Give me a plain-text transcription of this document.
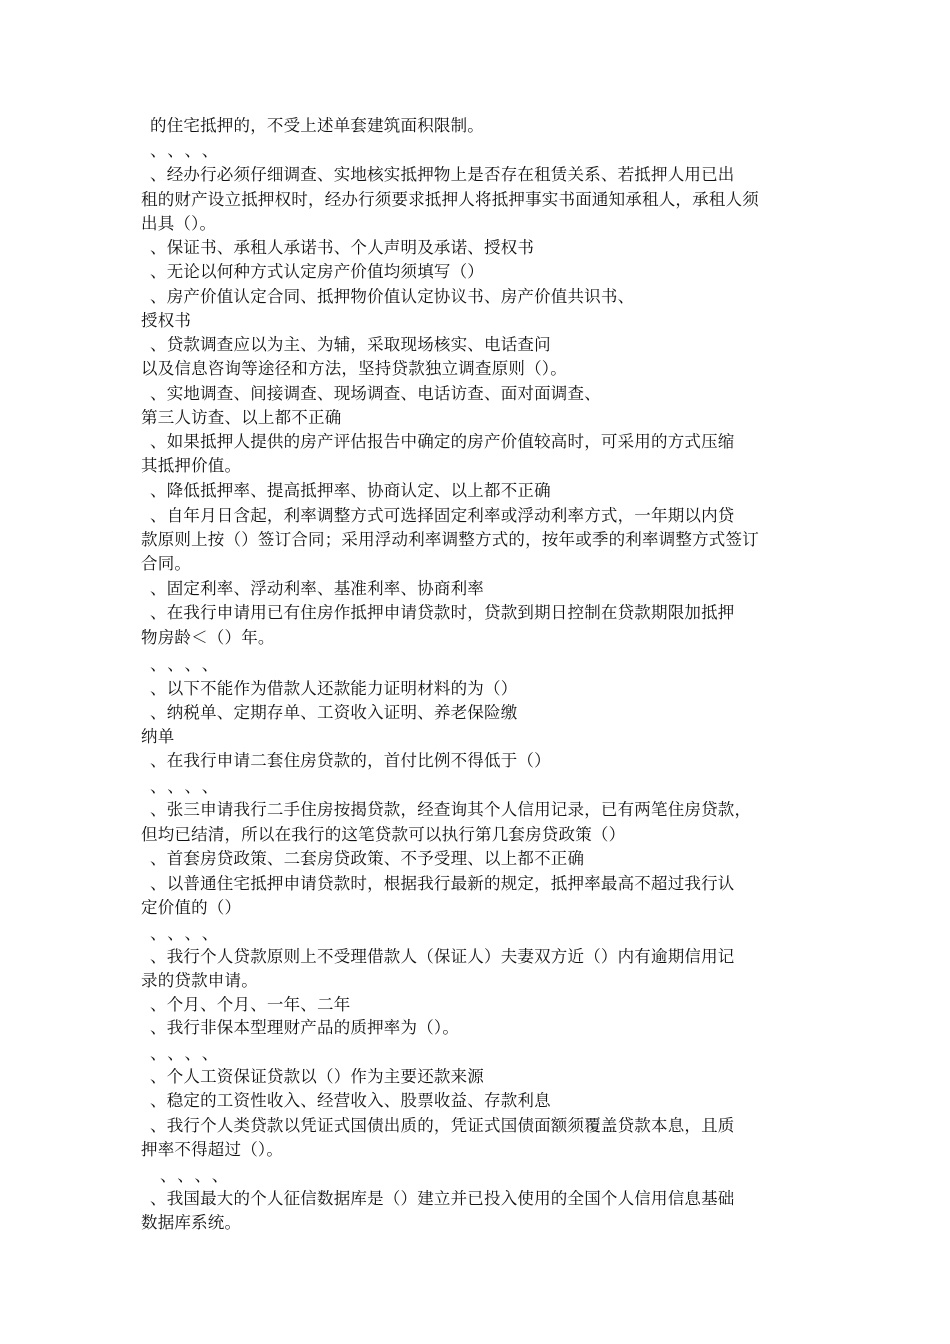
的住宅抵押的，不受上述单套建筑面积限制。
、、、、
、经办行必须仔细调查、实地核实抵押物上是否存在租赁关系、若抵押人用已出
租的财产设立抵押权时，经办行须要求抵押人将抵押事实书面通知承租人，承租人须
出具（）。
、保证书、承租人承诺书、个人声明及承诺、授权书
、无论以何种方式认定房产价值均须填写（）
、房产价值认定合同、抵押物价值认定协议书、房产价值共识书、
授权书
、贷款调查应以为主、为辅，采取现场核实、电话查问
以及信息咨询等途径和方法，坚持贷款独立调查原则（）。
、实地调查、间接调查、现场调查、电话访查、面对面调查、
第三人访查、以上都不正确
、如果抵押人提供的房产评估报告中确定的房产价值较高时，可采用的方式压缩
其抵押价值。
、降低抵押率、提高抵押率、协商认定、以上都不正确
、自年月日含起，利率调整方式可选择固定利率或浮动利率方式，一年期以内贷
款原则上按（）签订合同；采用浮动利率调整方式的，按年或季的利率调整方式签订
合同。
、固定利率、浮动利率、基准利率、协商利率
、在我行申请用已有住房作抵押申请贷款时，贷款到期日控制在贷款期限加抵押
物房龄＜（）年。
、、、、
、以下不能作为借款人还款能力证明材料的为（）
、纳税单、定期存单、工资收入证明、养老保险缴
纳单
、在我行申请二套住房贷款的，首付比例不得低于（）
、、、、
、张三申请我行二手住房按揭贷款，经查询其个人信用记录，已有两笔住房贷款，
但均已结清，所以在我行的这笔贷款可以执行第几套房贷政策（）
、首套房贷政策、二套房贷政策、不予受理、以上都不正确
、以普通住宅抵押申请贷款时，根据我行最新的规定，抵押率最高不超过我行认
定价值的（）
、、、、
、我行个人贷款原则上不受理借款人（保证人）夫妻双方近（）内有逾期信用记
录的贷款申请。
、个月、个月、一年、二年
、我行非保本型理财产品的质押率为（）。
、、、、
、个人工资保证贷款以（）作为主要还款来源
、稳定的工资性收入、经营收入、股票收益、存款利息
、我行个人类贷款以凭证式国债出质的，凭证式国债面额须覆盖贷款本息，且质
押率不得超过（）。
、、、、
、我国最大的个人征信数据库是（）建立并已投入使用的全国个人信用信息基础
数据库系统。
